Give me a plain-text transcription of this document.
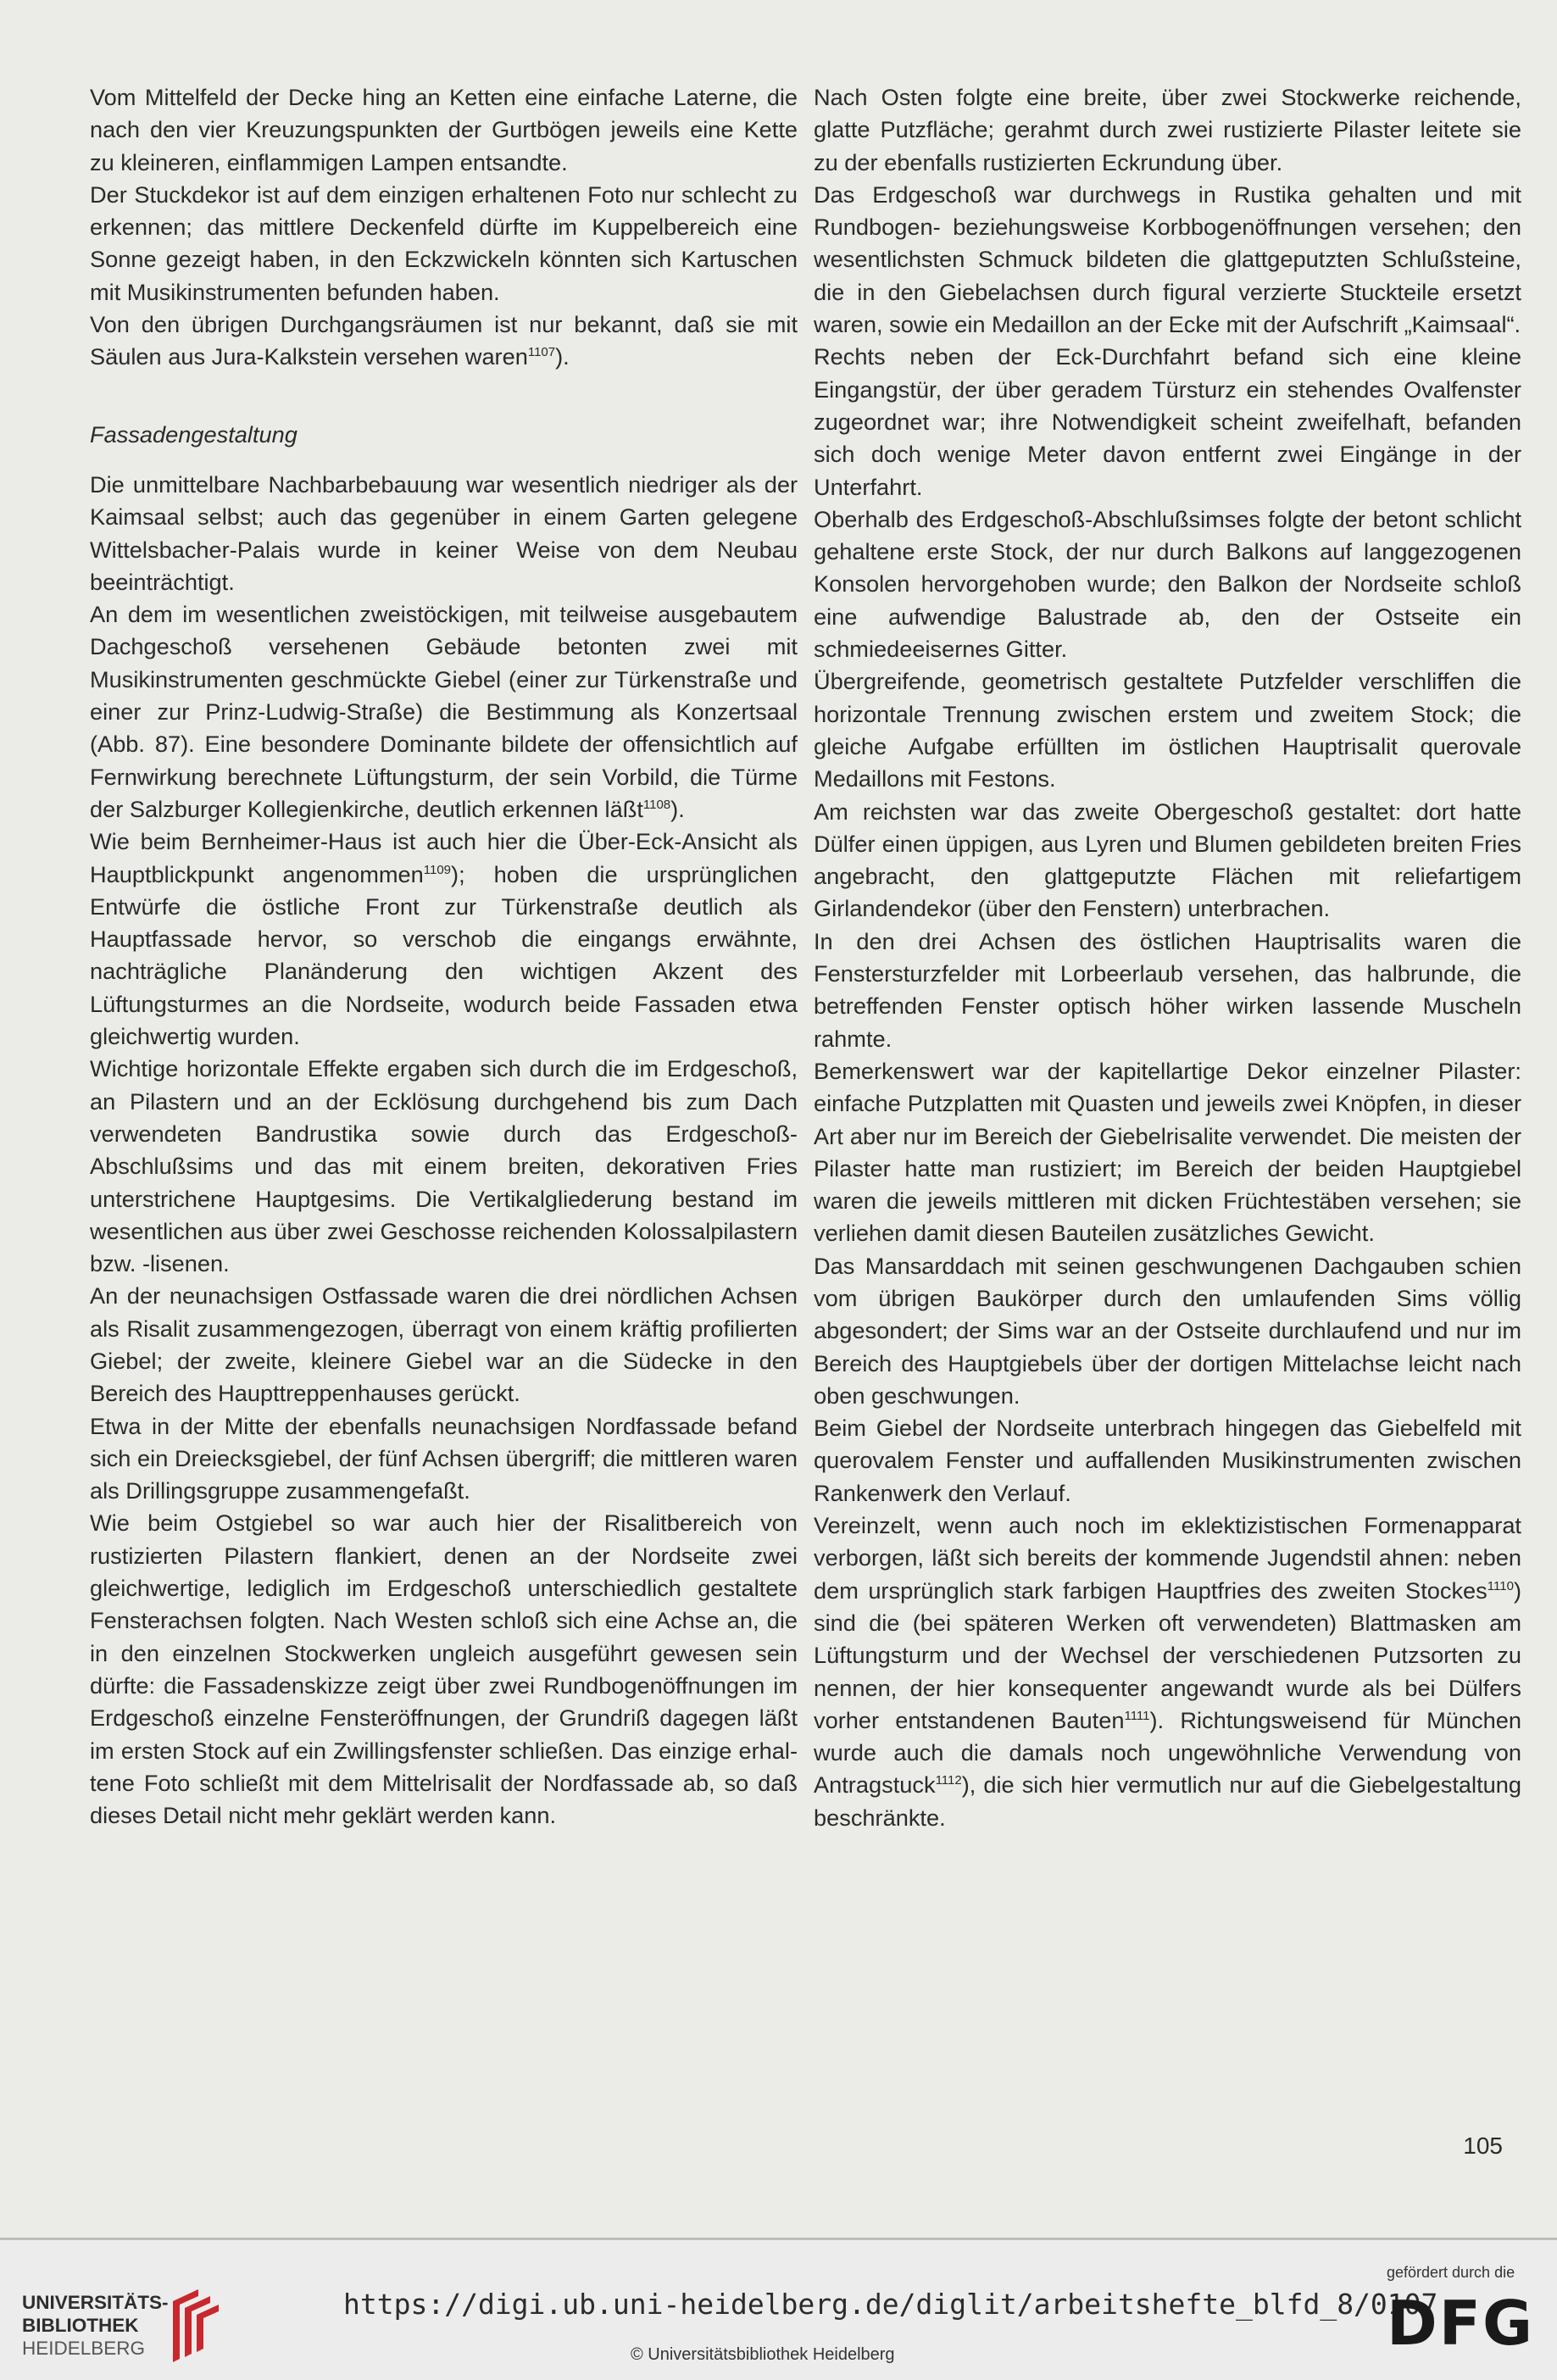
Vom Mittelfeld der Decke hing an Ketten eine einfache Laterne, die nach den vier Kreuzungspunkten der Gurtbögen jeweils eine Kette zu kleineren, einflammigen Lampen entsandte.

Der Stuckdekor ist auf dem einzigen erhaltenen Foto nur schlecht zu erkennen; das mittlere Deckenfeld dürfte im Kuppelbereich eine Sonne gezeigt haben, in den Eckzwickeln könnten sich Kartuschen mit Musikinstrumenten befunden haben.

Von den übrigen Durchgangsräumen ist nur bekannt, daß sie mit Säulen aus Jura-Kalkstein versehen waren$^{1107}$).

Fassadengestaltung

Die unmittelbare Nachbarbebauung war wesentlich niedriger als der Kaimsaal selbst; auch das gegenüber in einem Garten gelegene Wittelsbacher-Palais wurde in keiner Weise von dem Neubau beeinträchtigt.

An dem im wesentlichen zweistöckigen, mit teilweise ausgebautem Dachgeschoß versehenen Gebäude betonten zwei mit Musikinstrumenten geschmückte Giebel (einer zur Türkenstraße und einer zur Prinz-Ludwig-Straße) die Bestimmung als Konzertsaal (Abb. 87). Eine besondere Dominante bildete der offensichtlich auf Fernwirkung berechnete Lüftungsturm, der sein Vorbild, die Türme der Salzburger Kollegienkirche, deutlich erkennen läßt$^{1108}$).

Wie beim Bernheimer-Haus ist auch hier die Über-Eck-Ansicht als Hauptblickpunkt angenommen$^{1109}$); hoben die ursprünglichen Entwürfe die östliche Front zur Türkenstraße deutlich als Hauptfassade hervor, so verschob die eingangs erwähnte, nachträgliche Planänderung den wichtigen Akzent des Lüftungsturmes an die Nordseite, wodurch beide Fassaden etwa gleichwertig wurden.

Wichtige horizontale Effekte ergaben sich durch die im Erdgeschoß, an Pilastern und an der Ecklösung durchgehend bis zum Dach verwendeten Bandrustika sowie durch das Erdgeschoß-Abschlußsims und das mit einem breiten, dekorativen Fries unterstrichene Hauptgesims. Die Vertikalgliederung bestand im wesentlichen aus über zwei Geschosse reichenden Kolossalpilastern bzw. -lisenen.

An der neunachsigen Ostfassade waren die drei nördlichen Achsen als Risalit zusammengezogen, überragt von einem kräftig profilierten Giebel; der zweite, kleinere Giebel war an die Südecke in den Bereich des Haupttreppenhauses gerückt.

Etwa in der Mitte der ebenfalls neunachsigen Nordfassade befand sich ein Dreiecksgiebel, der fünf Achsen übergriff; die mittleren waren als Drillingsgruppe zusammengefaßt.

Wie beim Ostgiebel so war auch hier der Risalitbereich von rustizierten Pilastern flankiert, denen an der Nordseite zwei gleichwertige, lediglich im Erdgeschoß unterschiedlich gestaltete Fensterachsen folgten. Nach Westen schloß sich eine Achse an, die in den einzelnen Stockwerken ungleich ausgeführt gewesen sein dürfte: die Fassadenskizze zeigt über zwei Rundbogenöffnungen im Erdgeschoß einzelne Fensteröffnungen, der Grundriß dagegen läßt im ersten Stock auf ein Zwillingsfenster schließen. Das einzige erhaltene Foto schließt mit dem Mittelrisalit der Nordfassade ab, so daß dieses Detail nicht mehr geklärt werden kann.

Nach Osten folgte eine breite, über zwei Stockwerke reichende, glatte Putzfläche; gerahmt durch zwei rustizierte Pilaster leitete sie zu der ebenfalls rustizierten Eckrundung über.

Das Erdgeschoß war durchwegs in Rustika gehalten und mit Rundbogen- beziehungsweise Korbbogenöffnungen versehen; den wesentlichsten Schmuck bildeten die glattgeputzten Schlußsteine, die in den Giebelachsen durch figural verzierte Stuckteile ersetzt waren, sowie ein Medaillon an der Ecke mit der Aufschrift „Kaimsaal“.

Rechts neben der Eck-Durchfahrt befand sich eine kleine Eingangstür, der über geradem Türsturz ein stehendes Ovalfenster zugeordnet war; ihre Notwendigkeit scheint zweifelhaft, befanden sich doch wenige Meter davon entfernt zwei Eingänge in der Unterfahrt.

Oberhalb des Erdgeschoß-Abschlußsimses folgte der betont schlicht gehaltene erste Stock, der nur durch Balkons auf langgezogenen Konsolen hervorgehoben wurde; den Balkon der Nordseite schloß eine aufwendige Balustrade ab, den der Ostseite ein schmiedeeisernes Gitter.

Übergreifende, geometrisch gestaltete Putzfelder verschliffen die horizontale Trennung zwischen erstem und zweitem Stock; die gleiche Aufgabe erfüllten im östlichen Hauptrisalit querovale Medaillons mit Festons.

Am reichsten war das zweite Obergeschoß gestaltet: dort hatte Dülfer einen üppigen, aus Lyren und Blumen gebildeten breiten Fries angebracht, den glattgeputzte Flächen mit reliefartigem Girlandendekor (über den Fenstern) unterbrachen.

In den drei Achsen des östlichen Hauptrisalits waren die Fenstersturzfelder mit Lorbeerlaub versehen, das halbrunde, die betreffenden Fenster optisch höher wirken lassende Muscheln rahmte.

Bemerkenswert war der kapitellartige Dekor einzelner Pilaster: einfache Putzplatten mit Quasten und jeweils zwei Knöpfen, in dieser Art aber nur im Bereich der Giebelrisalite verwendet. Die meisten der Pilaster hatte man rustiziert; im Bereich der beiden Hauptgiebel waren die jeweils mittleren mit dicken Früchtestäben versehen; sie verliehen damit diesen Bauteilen zusätzliches Gewicht.

Das Mansarddach mit seinen geschwungenen Dachgauben schien vom übrigen Baukörper durch den umlaufenden Sims völlig abgesondert; der Sims war an der Ostseite durchlaufend und nur im Bereich des Hauptgiebels über der dortigen Mittelachse leicht nach oben geschwungen.

Beim Giebel der Nordseite unterbrach hingegen das Giebelfeld mit querovalem Fenster und auffallenden Musikinstrumenten zwischen Rankenwerk den Verlauf.

Vereinzelt, wenn auch noch im eklektizistischen Formenapparat verborgen, läßt sich bereits der kommende Jugendstil ahnen: neben dem ursprünglich stark farbigen Hauptfries des zweiten Stockes$^{1110}$) sind die (bei späteren Werken oft verwendeten) Blattmasken am Lüftungsturm und der Wechsel der verschiedenen Putzsorten zu nennen, der hier konsequenter angewandt wurde als bei Dülfers vorher entstandenen Bauten$^{1111}$). Richtungsweisend für München wurde auch die damals noch ungewöhnliche Verwendung von Antragstuck$^{1112}$), die sich hier vermutlich nur auf die Giebelgestaltung beschränkte.

105
UNIVERSITÄTS-
BIBLIOTHEK
HEIDELBERG
https://digi.ub.uni-heidelberg.de/diglit/arbeitshefte_blfd_8/0107
© Universitätsbibliothek Heidelberg
gefördert durch die
DFG
